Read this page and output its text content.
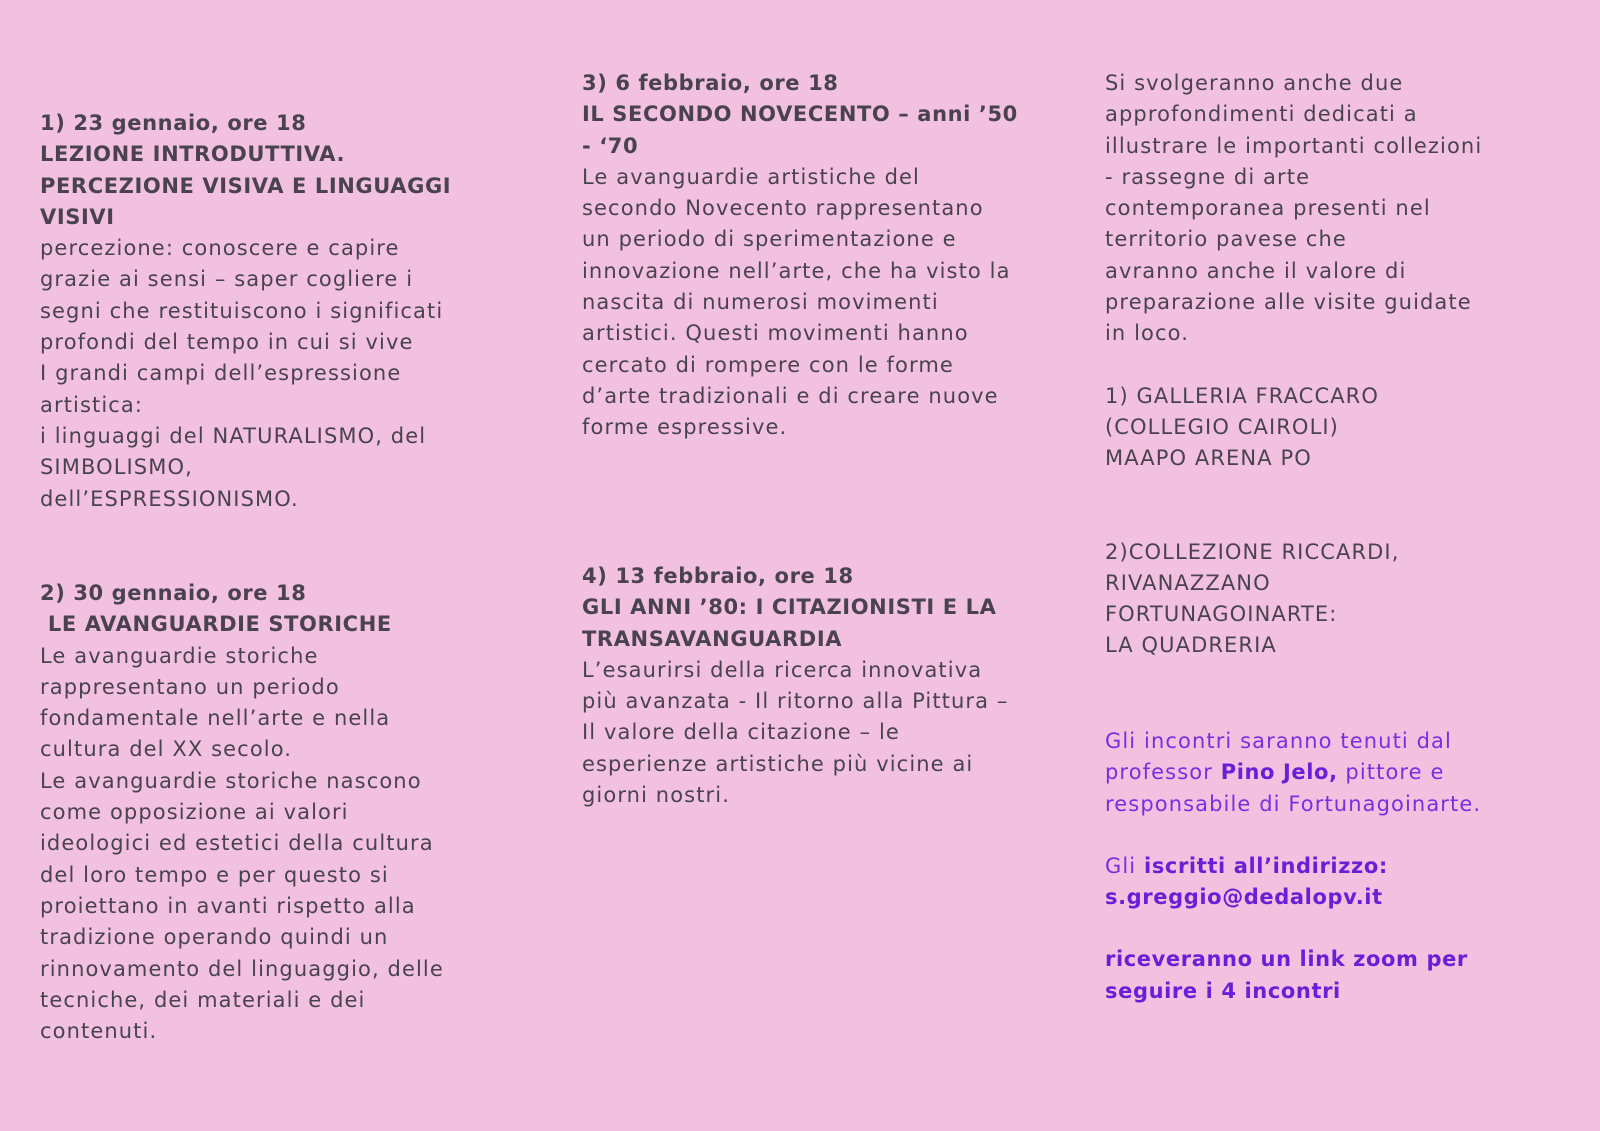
1) 23 gennaio, ore 18
LEZIONE INTRODUTTIVA.
PERCEZIONE VISIVA E LINGUAGGI
VISIVI
percezione: conoscere e capire
grazie ai sensi – saper cogliere i
segni che restituiscono i significati
profondi del tempo in cui si vive
I grandi campi dell’espressione
artistica:
i linguaggi del NATURALISMO, del
SIMBOLISMO,
dell’ESPRESSIONISMO.
2) 30 gennaio, ore 18
LE AVANGUARDIE STORICHE
Le avanguardie storiche
rappresentano un periodo
fondamentale nell’arte e nella
cultura del XX secolo.
Le avanguardie storiche nascono
come opposizione ai valori
ideologici ed estetici della cultura
del loro tempo e per questo si
proiettano in avanti rispetto alla
tradizione operando quindi un
rinnovamento del linguaggio, delle
tecniche, dei materiali e dei
contenuti.
3) 6 febbraio, ore 18
IL SECONDO NOVECENTO – anni ’50
- ‘70
Le avanguardie artistiche del
secondo Novecento rappresentano
un periodo di sperimentazione e
innovazione nell’arte, che ha visto la
nascita di numerosi movimenti
artistici. Questi movimenti hanno
cercato di rompere con le forme
d’arte tradizionali e di creare nuove
forme espressive.
4) 13 febbraio, ore 18
GLI ANNI ’80: I CITAZIONISTI E LA
TRANSAVANGUARDIA
L’esaurirsi della ricerca innovativa
più avanzata - Il ritorno alla Pittura –
Il valore della citazione – le
esperienze artistiche più vicine ai
giorni nostri.
Si svolgeranno anche due
approfondimenti dedicati a
illustrare le importanti collezioni
- rassegne di arte
contemporanea presenti nel
territorio pavese che
avranno anche il valore di
preparazione alle visite guidate
in loco.
1) GALLERIA FRACCARO
(COLLEGIO CAIROLI)
MAAPO ARENA PO
2)COLLEZIONE RICCARDI,
RIVANAZZANO
FORTUNAGOINARTE:
LA QUADRERIA
Gli incontri saranno tenuti dal
professor Pino Jelo, pittore e
responsabile di Fortunagoinarte.
Gli iscritti all’indirizzo:
s.greggio@dedalopv.it
riceveranno un link zoom per
seguire i 4 incontri
